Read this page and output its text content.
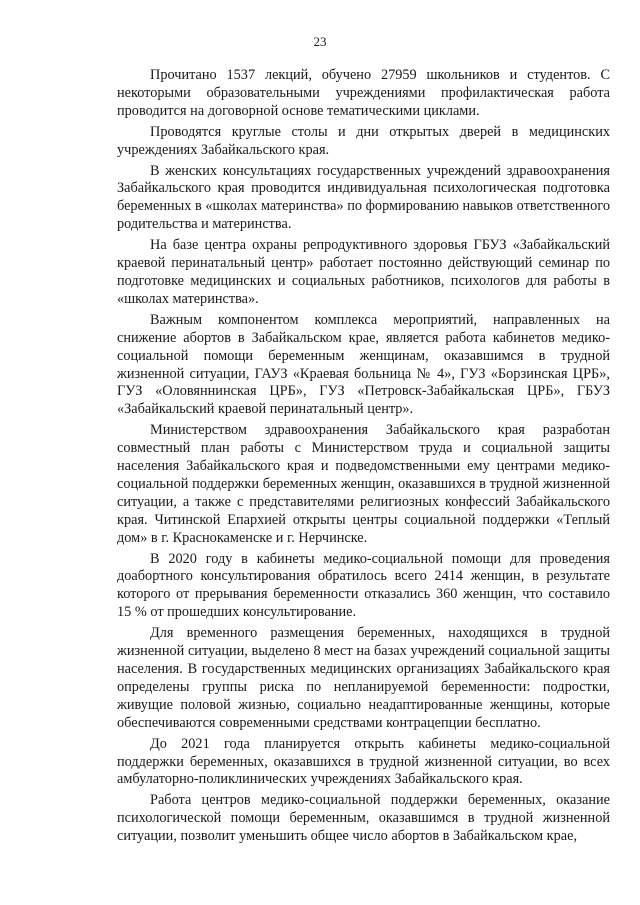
23

Прочитано 1537 лекций, обучено 27959 школьников и студентов. С некоторыми образовательными учреждениями профилактическая работа проводится на договорной основе тематическими циклами.

Проводятся круглые столы и дни открытых дверей в медицинских учреждениях Забайкальского края.

В женских консультациях государственных учреждений здравоохранения Забайкальского края проводится индивидуальная психологическая подготовка беременных в «школах материнства» по формированию навыков ответственного родительства и материнства.

На базе центра охраны репродуктивного здоровья ГБУЗ «Забайкальский краевой перинатальный центр» работает постоянно действующий семинар по подготовке медицинских и социальных работников, психологов для работы в «школах материнства».

Важным компонентом комплекса мероприятий, направленных на снижение абортов в Забайкальском крае, является работа кабинетов медико-социальной помощи беременным женщинам, оказавшимся в трудной жизненной ситуации, ГАУЗ «Краевая больница № 4», ГУЗ «Борзинская ЦРБ», ГУЗ «Оловяннинская ЦРБ», ГУЗ «Петровск-Забайкальская ЦРБ», ГБУЗ «Забайкальский краевой перинатальный центр».

Министерством здравоохранения Забайкальского края разработан совместный план работы с Министерством труда и социальной защиты населения Забайкальского края и подведомственными ему центрами медико-социальной поддержки беременных женщин, оказавшихся в трудной жизненной ситуации, а также с представителями религиозных конфессий Забайкальского края. Читинской Епархией открыты центры социальной поддержки «Теплый дом» в г. Краснокаменске и г. Нерчинске.

В 2020 году в кабинеты медико-социальной помощи для проведения доабортного консультирования обратилось всего 2414 женщин, в результате которого от прерывания беременности отказались 360 женщин, что составило 15 % от прошедших консультирование.

Для временного размещения беременных, находящихся в трудной жизненной ситуации, выделено 8 мест на базах учреждений социальной защиты населения. В государственных медицинских организациях Забайкальского края определены группы риска по непланируемой беременности: подростки, живущие половой жизнью, социально неадаптированные женщины, которые обеспечиваются современными средствами контрацепции бесплатно.

До 2021 года планируется открыть кабинеты медико-социальной поддержки беременных, оказавшихся в трудной жизненной ситуации, во всех амбулаторно-поликлинических учреждениях Забайкальского края.

Работа центров медико-социальной поддержки беременных, оказание психологической помощи беременным, оказавшимся в трудной жизненной ситуации, позволит уменьшить общее число абортов в Забайкальском крае,
